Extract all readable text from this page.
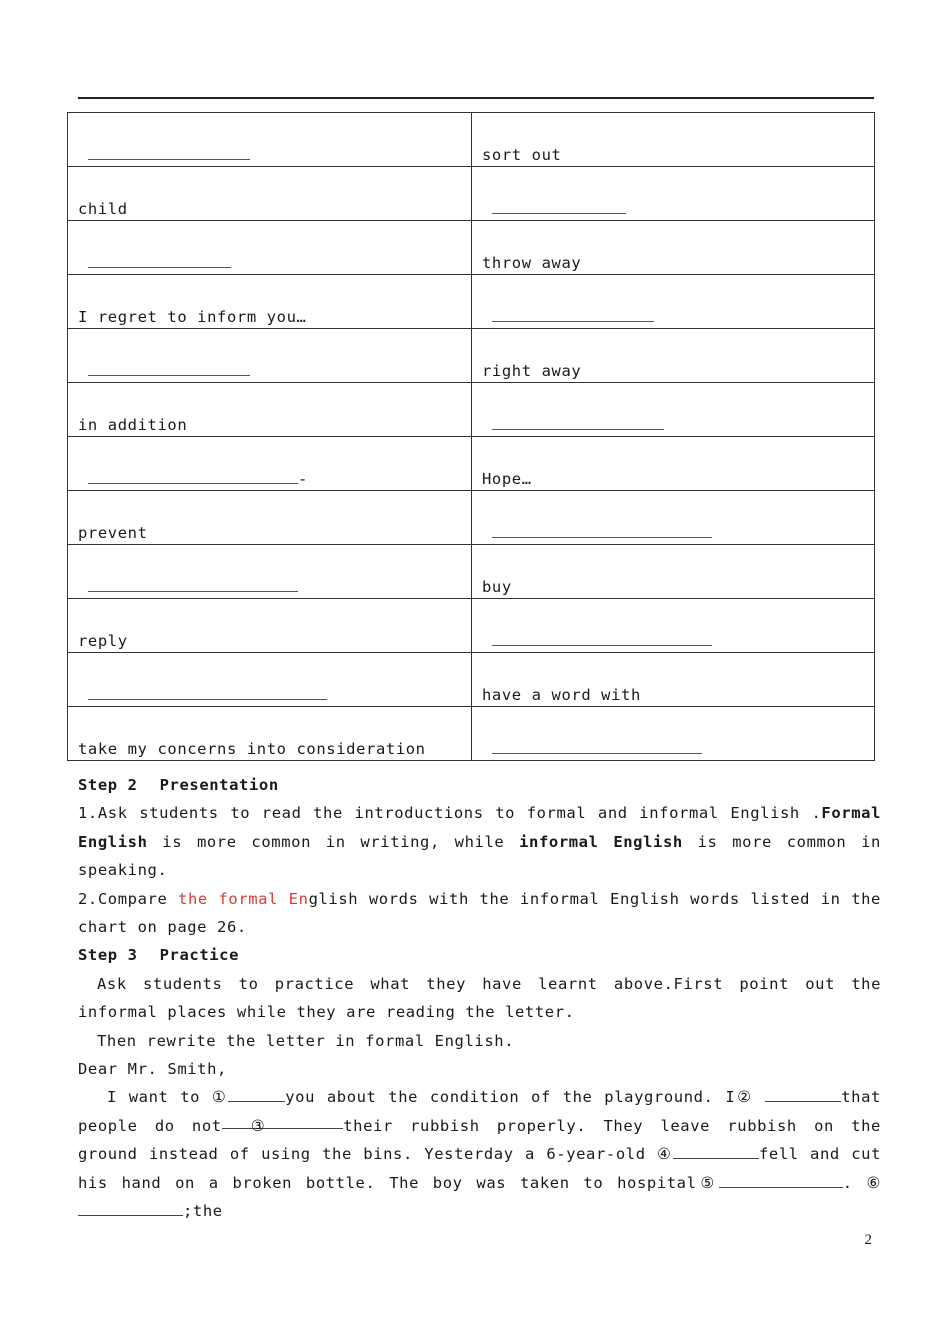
	sort out
child	
	throw away
I regret to inform you…	
	right away
in addition	
-	Hope…
prevent	
	buy
reply	
	have a word with
take my concerns into consideration	

Step 2 Presentation

1.Ask students to read the introductions to formal and informal English .Formal English is more common in writing, while informal English is more common in speaking.

2.Compare the formal English words with the informal English words listed in the chart on page 26.

Step 3 Practice

Ask students to practice what they have learnt above.First point out the informal places while they are reading the letter.

Then rewrite the letter in formal English.

Dear Mr. Smith,

I want to ①	you about the condition of the playground. I②	that people do not ③	their rubbish properly. They leave rubbish on the ground instead of using the bins. Yesterday a 6-year-old ④	fell and cut his hand on a broken bottle. The boy was taken to hospital⑤	. ⑥;the

2
